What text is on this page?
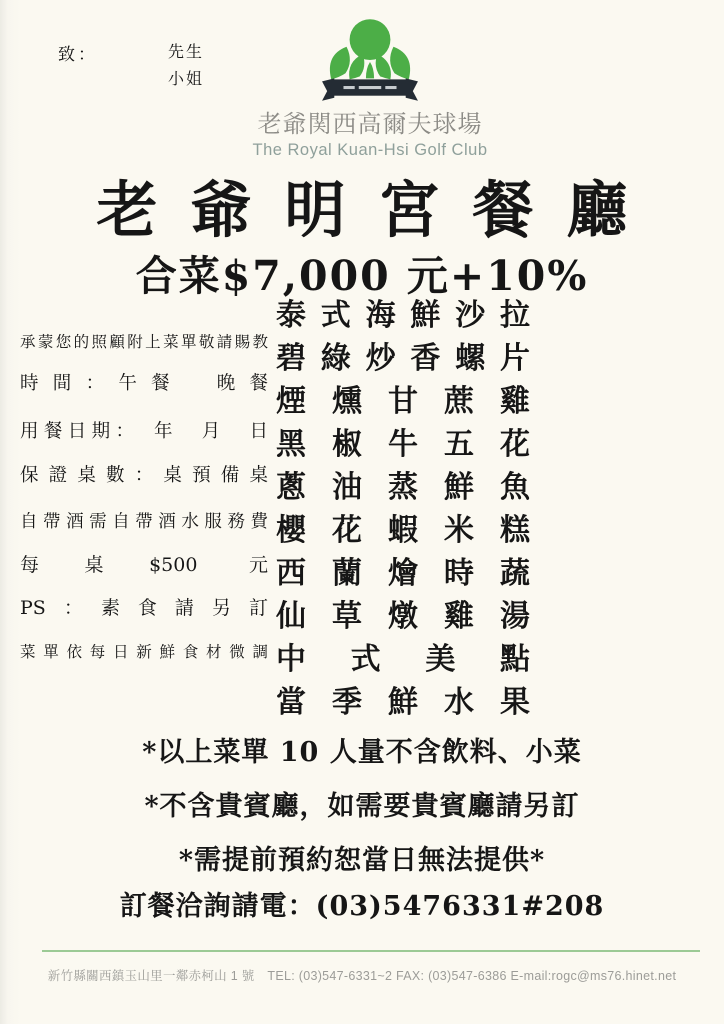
致：	先生
小姐
老爺関西高爾夫球場
The Royal Kuan-Hsi Golf Club
老爺明宮餐廳
合菜$7,000 元+10%
承蒙您的照顧附上菜單敬請賜教
時間：午餐　晚餐
用餐日期：　年　月　日
保證桌數：桌預備桌
自帶酒需自帶酒水服務費
每桌$500 元
PS：素食請另訂
菜單依每日新鮮食材微調
泰式海鮮沙拉
碧綠炒香螺片
煙燻甘蔗雞
黑椒牛五花
蔥油蒸鮮魚
櫻花蝦米糕
西蘭燴時蔬
仙草燉雞湯
中式美點
當季鮮水果
*以上菜單 10 人量不含飲料、小菜
*不含貴賓廳，如需要貴賓廳請另訂
*需提前預約恕當日無法提供*
訂餐洽詢請電：(03)5476331#208
新竹縣關西鎮玉山里一鄰赤柯山 1 號　TEL: (03)547-6331~2 FAX: (03)547-6386 E-mail:rogc@ms76.hinet.net
